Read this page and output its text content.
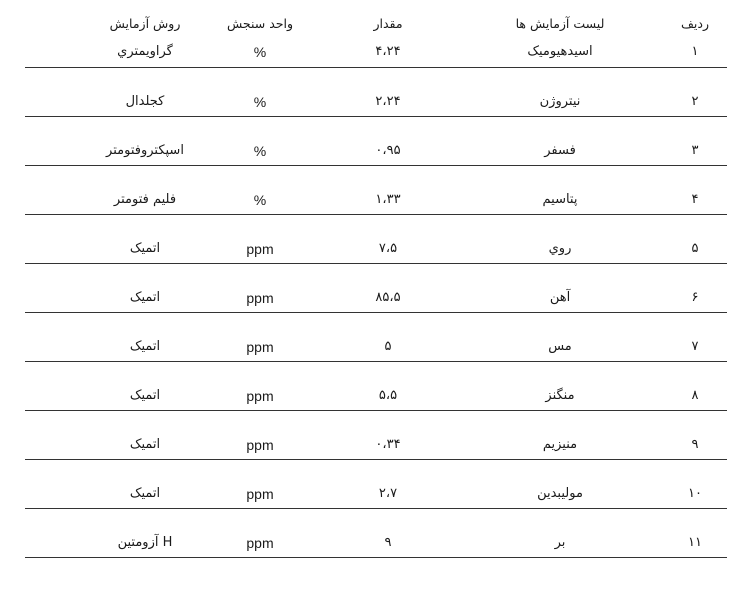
روش آزمایش	واحد سنجش	مقدار	لیست آزمایش ها	ردیف
گراویمتري	%	۴،۲۴	اسیدهیومیک	۱
کجلدال	%	۲،۲۴	نیتروژن	۲
اسپکتروفتومتر	%	۰،۹۵	فسفر	۳
فلیم فتومتر	%	۱،۳۳	پتاسیم	۴
اتمیک	ppm	۷،۵	روي	۵
اتمیک	ppm	۸۵،۵	آهن	۶
اتمیک	ppm	۵	مس	۷
اتمیک	ppm	۵،۵	منگنز	۸
اتمیک	ppm	۰،۳۴	منیزیم	۹
اتمیک	ppm	۲،۷	مولیبدین	۱۰
آزومتین H	ppm	۹	بر	۱۱
